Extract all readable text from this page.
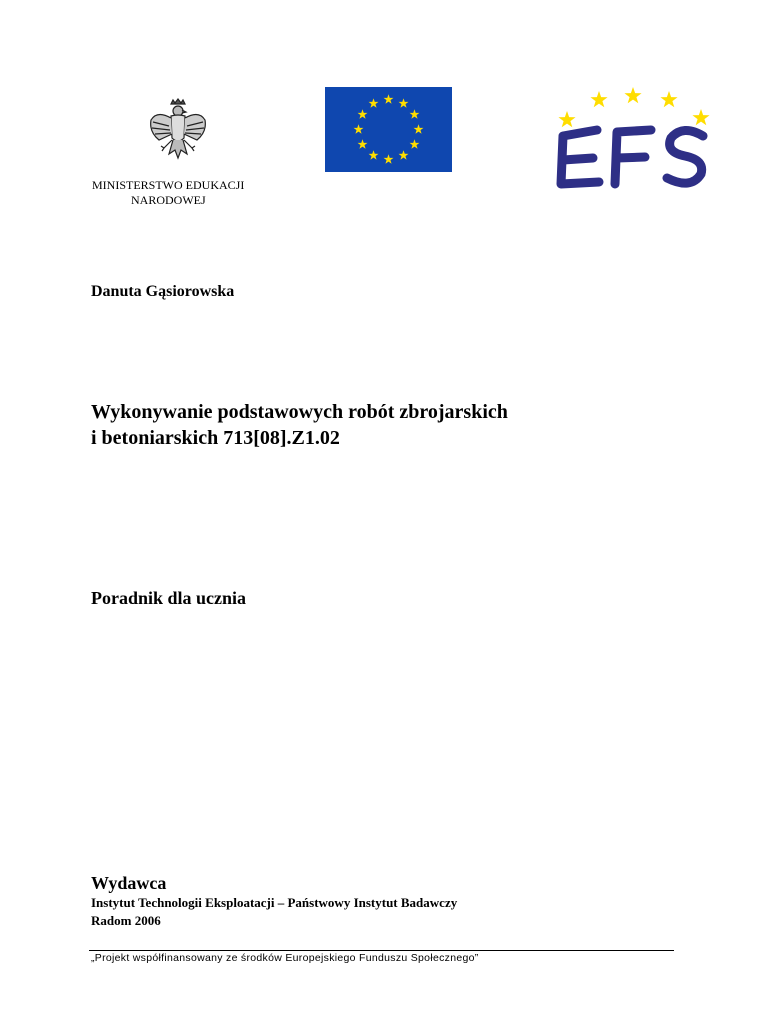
MINISTERSTWO EDUKACJI
NARODOWEJ
Danuta Gąsiorowska
Wykonywanie podstawowych robót zbrojarskich
i betoniarskich 713[08].Z1.02
Poradnik dla ucznia
Wydawca
Instytut Technologii Eksploatacji – Państwowy Instytut Badawczy
Radom 2006
„Projekt współfinansowany ze środków Europejskiego Funduszu Społecznego”
